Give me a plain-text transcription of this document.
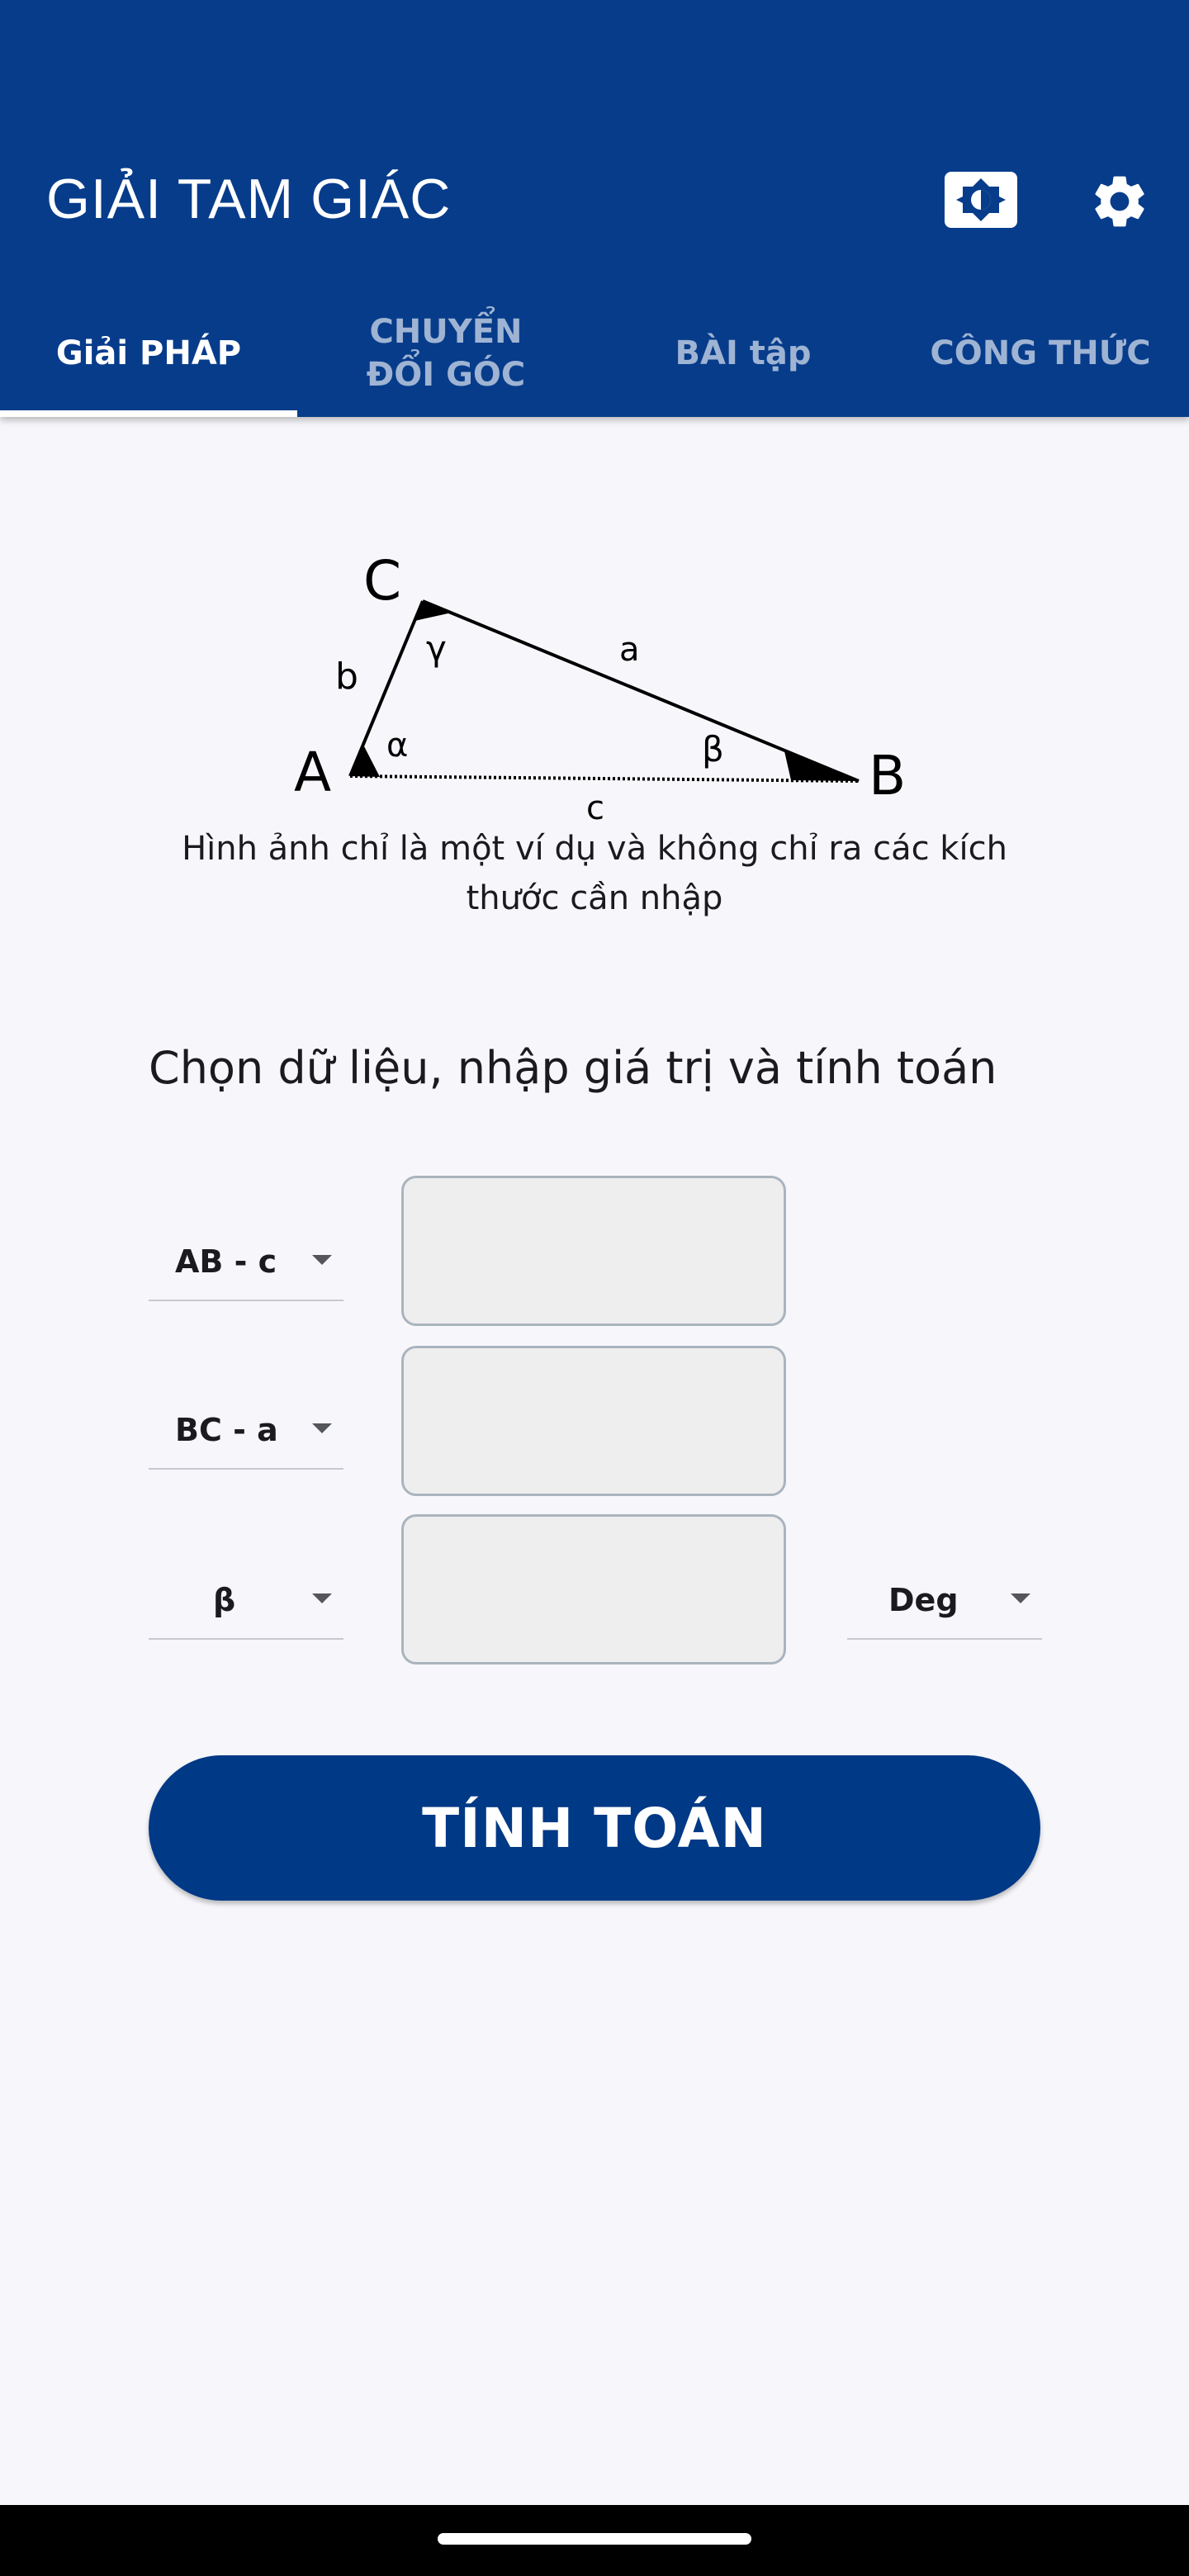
GIẢI TAM GIÁC
Giải PHÁP
CHUYỂN
ĐỔI GÓC
BÀI tập	CÔNG THỨC
A	B
C
a
b
c
α	β
γ
Hình ảnh chỉ là một ví dụ và không chỉ ra các kích thước cần nhập
Chọn dữ liệu, nhập giá trị và tính toán
AB - c
BC - a
β	Deg
TÍNH TOÁN
